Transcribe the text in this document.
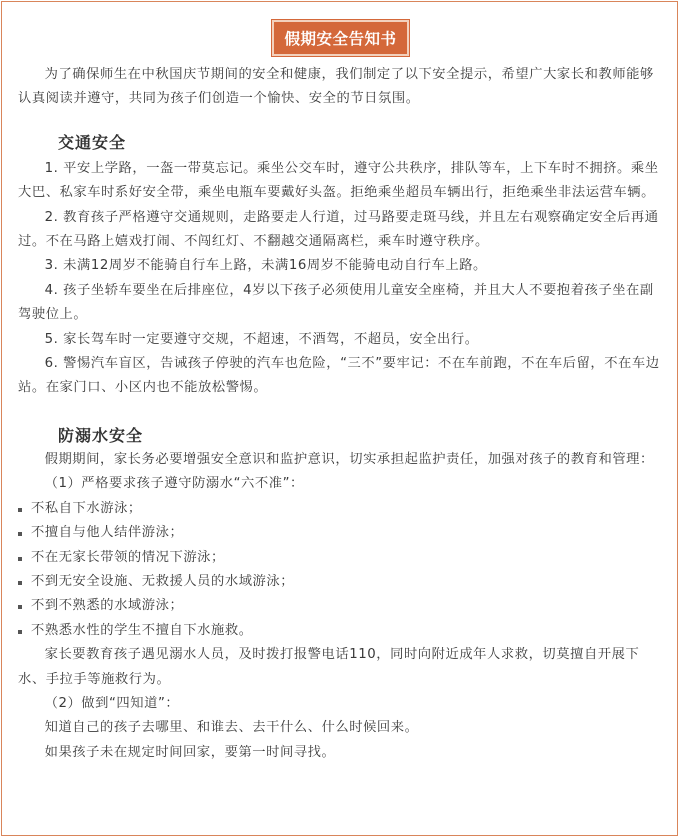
假期安全告知书

为了确保师生在中秋国庆节期间的安全和健康，我们制定了以下安全提示，希望广大家长和教师能够认真阅读并遵守，共同为孩子们创造一个愉快、安全的节日氛围。

交通安全

1. 平安上学路，一盔一带莫忘记。乘坐公交车时，遵守公共秩序，排队等车，上下车时不拥挤。乘坐大巴、私家车时系好安全带，乘坐电瓶车要戴好头盔。拒绝乘坐超员车辆出行，拒绝乘坐非法运营车辆。

2. 教育孩子严格遵守交通规则，走路要走人行道，过马路要走斑马线，并且左右观察确定安全后再通过。不在马路上嬉戏打闹、不闯红灯、不翻越交通隔离栏，乘车时遵守秩序。

3. 未满12周岁不能骑自行车上路，未满16周岁不能骑电动自行车上路。

4. 孩子坐轿车要坐在后排座位，4岁以下孩子必须使用儿童安全座椅，并且大人不要抱着孩子坐在副驾驶位上。

5. 家长驾车时一定要遵守交规，不超速，不酒驾，不超员，安全出行。

6. 警惕汽车盲区，告诫孩子停驶的汽车也危险，“三不”要牢记：不在车前跑，不在车后留，不在车边站。在家门口、小区内也不能放松警惕。

防溺水安全

假期期间，家长务必要增强安全意识和监护意识，切实承担起监护责任，加强对孩子的教育和管理：

（1）严格要求孩子遵守防溺水“六不准”：

不私自下水游泳；

不擅自与他人结伴游泳；

不在无家长带领的情况下游泳；

不到无安全设施、无救援人员的水域游泳；

不到不熟悉的水域游泳；

不熟悉水性的学生不擅自下水施救。

家长要教育孩子遇见溺水人员，及时拨打报警电话110，同时向附近成年人求救，切莫擅自开展下水、手拉手等施救行为。

（2）做到“四知道”：

知道自己的孩子去哪里、和谁去、去干什么、什么时候回来。

如果孩子未在规定时间回家，要第一时间寻找。
